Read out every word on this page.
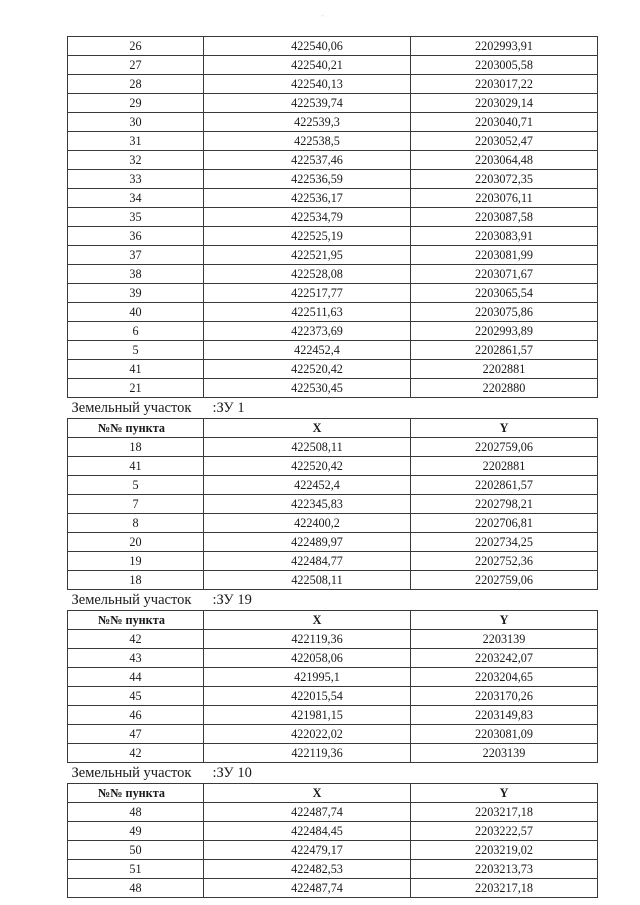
~
26	422540,06	2202993,91
27	422540,21	2203005,58
28	422540,13	2203017,22
29	422539,74	2203029,14
30	422539,3	2203040,71
31	422538,5	2203052,47
32	422537,46	2203064,48
33	422536,59	2203072,35
34	422536,17	2203076,11
35	422534,79	2203087,58
36	422525,19	2203083,91
37	422521,95	2203081,99
38	422528,08	2203071,67
39	422517,77	2203065,54
40	422511,63	2203075,86
6	422373,69	2202993,89
5	422452,4	2202861,57
41	422520,42	2202881
21	422530,45	2202880
Земельный участок :ЗУ 1		
№№ пункта	X	Y
18	422508,11	2202759,06
41	422520,42	2202881
5	422452,4	2202861,57
7	422345,83	2202798,21
8	422400,2	2202706,81
20	422489,97	2202734,25
19	422484,77	2202752,36
18	422508,11	2202759,06
Земельный участок :ЗУ 19		
№№ пункта	X	Y
42	422119,36	2203139
43	422058,06	2203242,07
44	421995,1	2203204,65
45	422015,54	2203170,26
46	421981,15	2203149,83
47	422022,02	2203081,09
42	422119,36	2203139
Земельный участок :ЗУ 10		
№№ пункта	X	Y
48	422487,74	2203217,18
49	422484,45	2203222,57
50	422479,17	2203219,02
51	422482,53	2203213,73
48	422487,74	2203217,18
